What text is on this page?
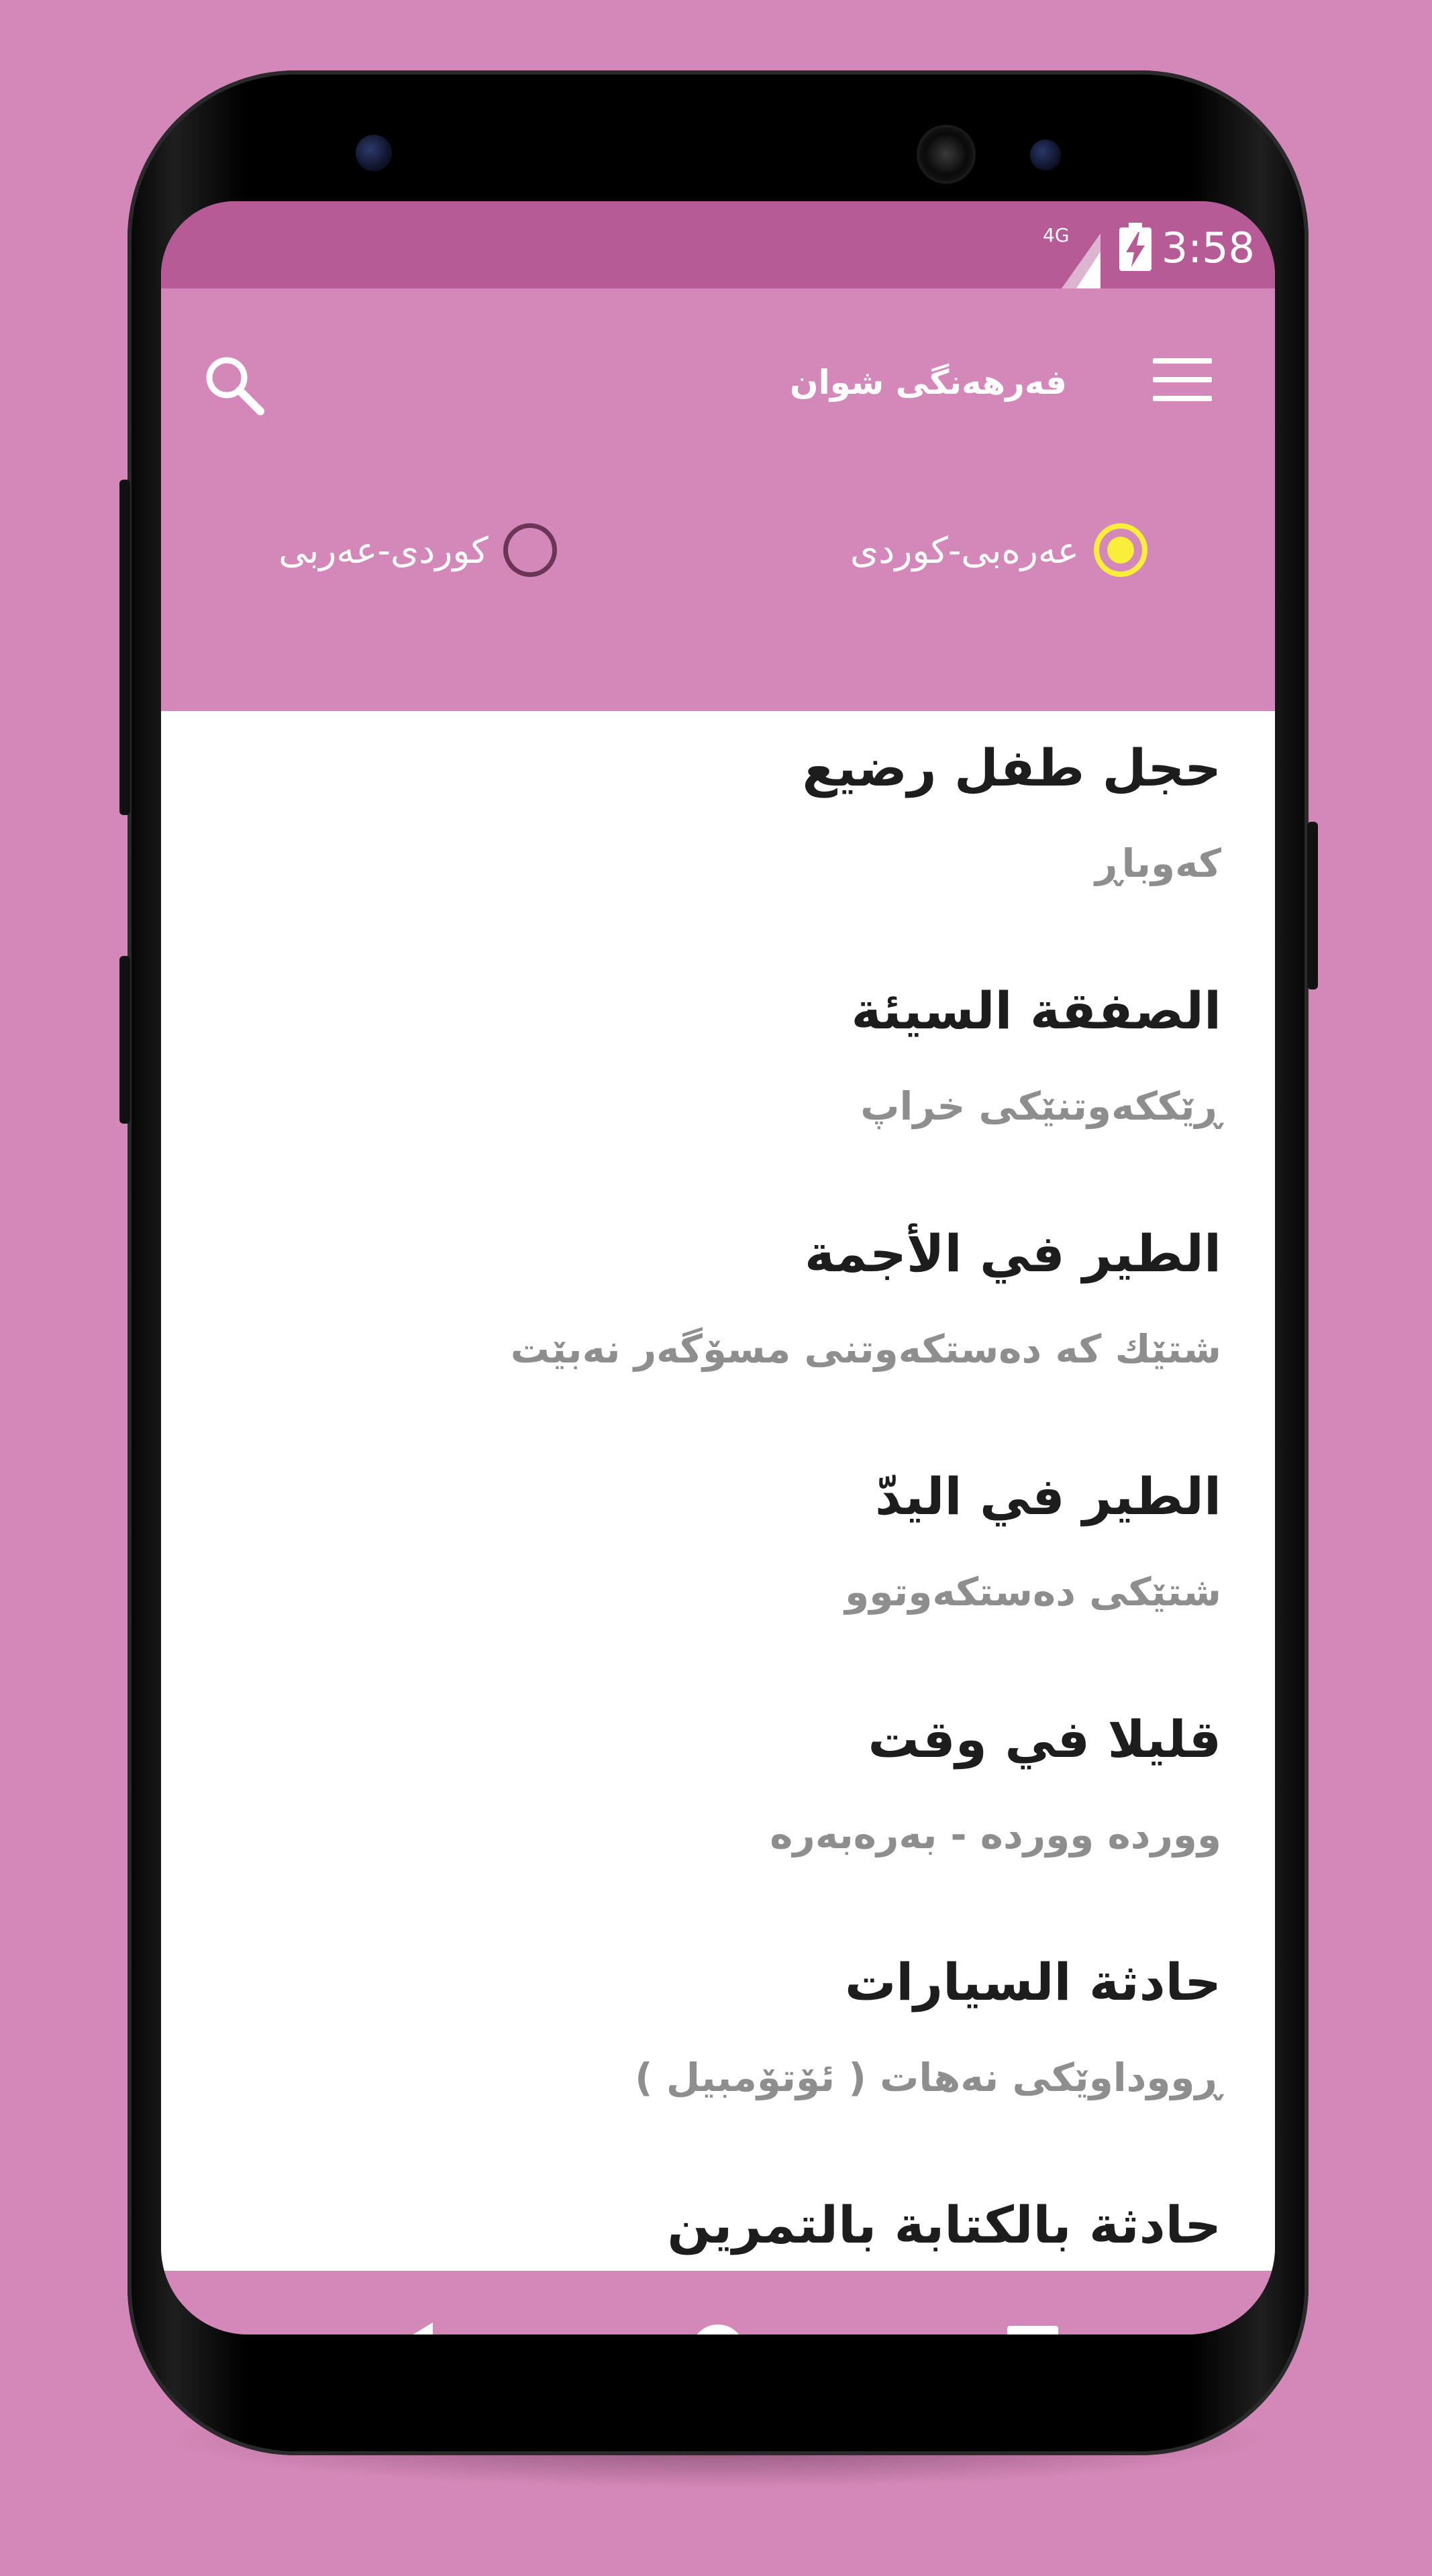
4G 3:58
فەرهەنگی شوان
عەرەبی-کوردی
کوردی-عەربی
حجل طفل رضيع
کەوباڕ
الصفقة السيئة
ڕێککەوتنێکی خراپ
الطير في الأجمة
شتێك كە دەستکەوتنی مسۆگەر نەبێت
الطير في اليدّ
شتێکی دەستکەوتوو
قليلا في وقت
وورده وورده - بەرەبەرە
حادثة السيارات
ڕووداوێکی نەهات ( ئۆتۆمبیل )
حادثة بالكتابة بالتمرين
